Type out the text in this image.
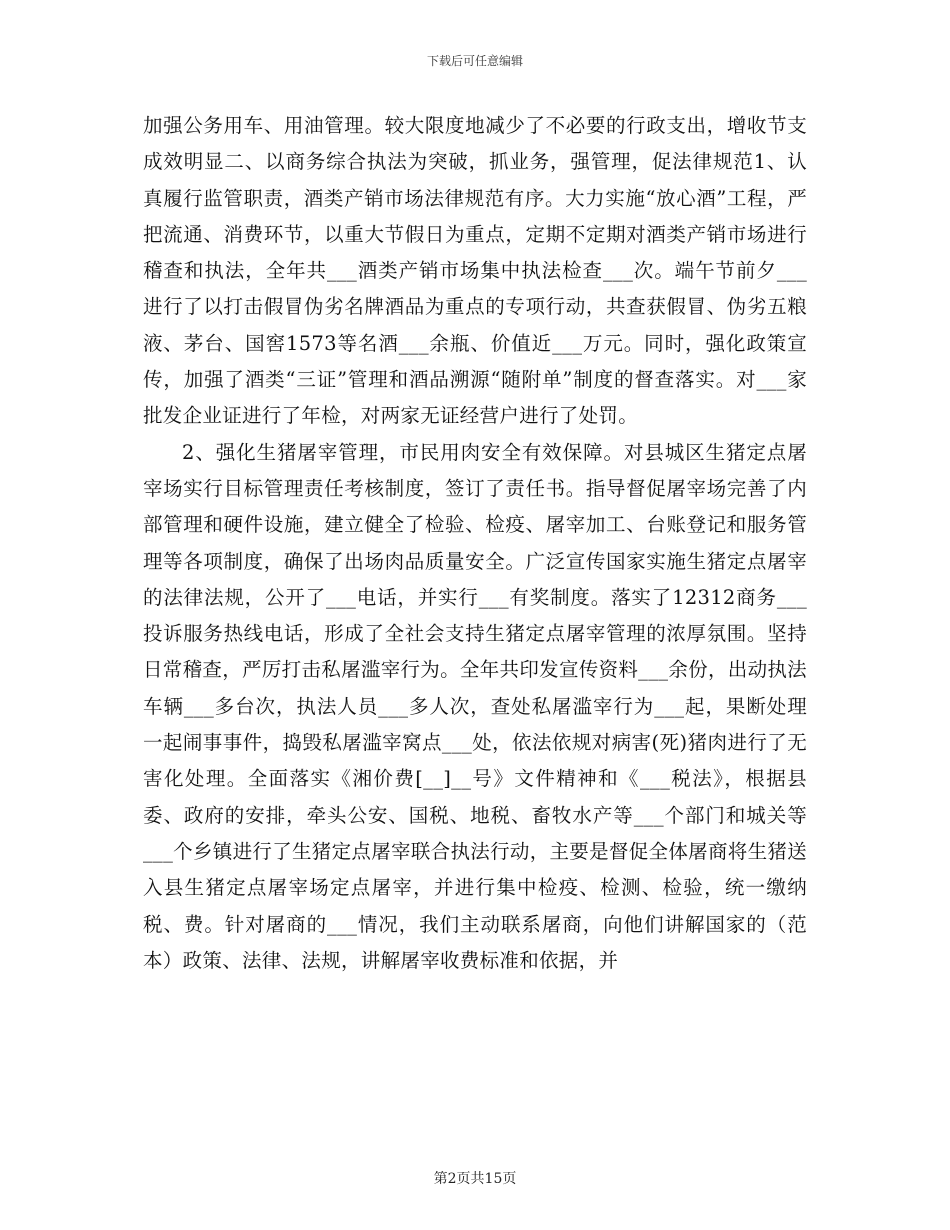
下载后可任意编辑

加强公务用车、用油管理。较大限度地减少了不必要的行政支出，增收节支成效明显二、以商务综合执法为突破，抓业务，强管理，促法律规范1、认真履行监管职责，酒类产销市场法律规范有序。大力实施“放心酒”工程，严把流通、消费环节，以重大节假日为重点，定期不定期对酒类产销市场进行稽查和执法，全年共___酒类产销市场集中执法检查___次。端午节前夕___进行了以打击假冒伪劣名牌酒品为重点的专项行动，共查获假冒、伪劣五粮液、茅台、国窖1573等名酒___余瓶、价值近___万元。同时，强化政策宣传，加强了酒类“三证”管理和酒品溯源“随附单”制度的督查落实。对___家批发企业证进行了年检，对两家无证经营户进行了处罚。

2、强化生猪屠宰管理，市民用肉安全有效保障。对县城区生猪定点屠宰场实行目标管理责任考核制度，签订了责任书。指导督促屠宰场完善了内部管理和硬件设施，建立健全了检验、检疫、屠宰加工、台账登记和服务管理等各项制度，确保了出场肉品质量安全。广泛宣传国家实施生猪定点屠宰的法律法规，公开了___电话，并实行___有奖制度。落实了12312商务___投诉服务热线电话，形成了全社会支持生猪定点屠宰管理的浓厚氛围。坚持日常稽查，严厉打击私屠滥宰行为。全年共印发宣传资料___余份，出动执法车辆___多台次，执法人员___多人次，查处私屠滥宰行为___起，果断处理一起闹事事件，捣毁私屠滥宰窝点___处，依法依规对病害(死)猪肉进行了无害化处理。全面落实《湘价费[__]__号》文件精神和《___税法》，根据县委、政府的安排，牵头公安、国税、地税、畜牧水产等___个部门和城关等___个乡镇进行了生猪定点屠宰联合执法行动，主要是督促全体屠商将生猪送入县生猪定点屠宰场定点屠宰，并进行集中检疫、检测、检验，统一缴纳税、费。针对屠商的___情况，我们主动联系屠商，向他们讲解国家的（范本）政策、法律、法规，讲解屠宰收费标准和依据，并

第2页共15页
